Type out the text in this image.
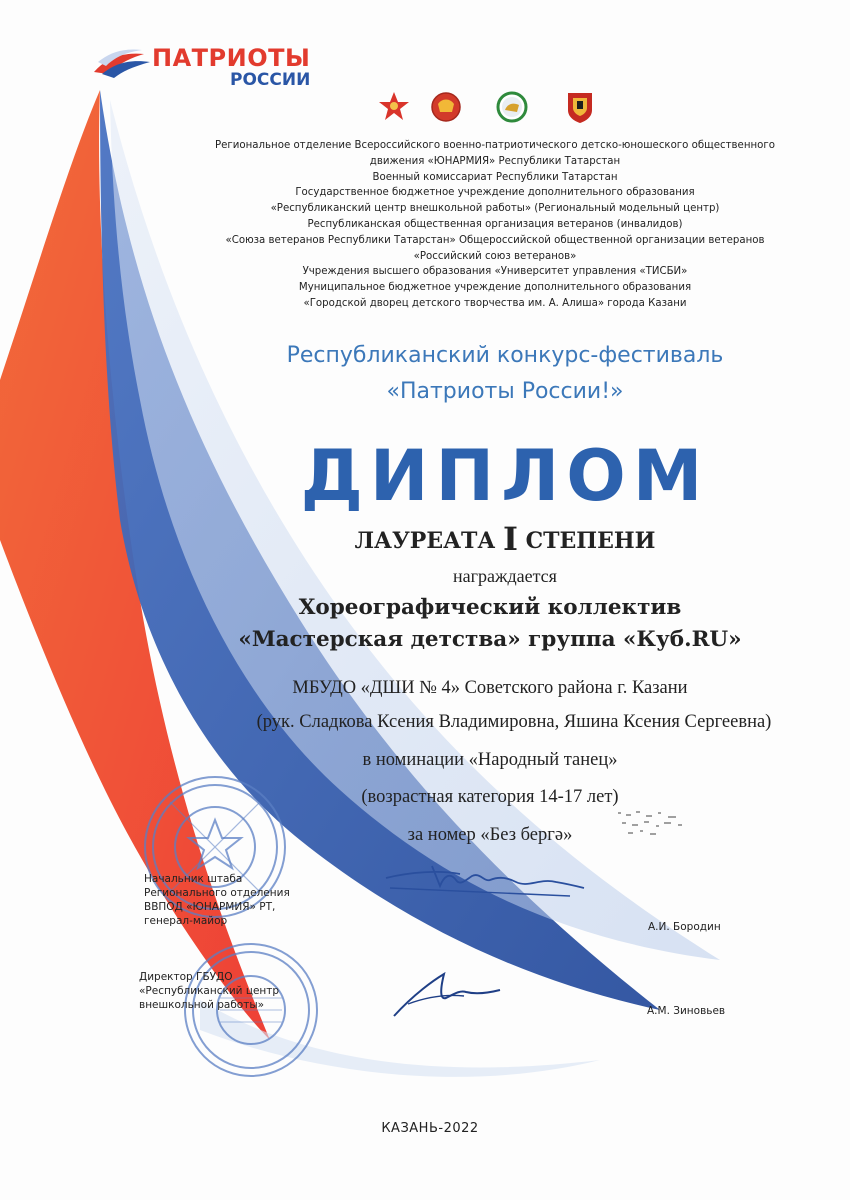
ПАТРИОТЫ
РОССИИ
Региональное отделение Всероссийского военно-патриотического детско-юношеского общественного
движения «ЮНАРМИЯ» Республики Татарстан
Военный комиссариат Республики Татарстан
Государственное бюджетное учреждение дополнительного образования
«Республиканский центр внешкольной работы» (Региональный модельный центр)
Республиканская общественная организация ветеранов (инвалидов)
«Союза ветеранов Республики Татарстан» Общероссийской общественной организации ветеранов
«Российский союз ветеранов»
Учреждения высшего образования «Университет управления «ТИСБИ»
Муниципальное бюджетное учреждение дополнительного образования
«Городской дворец детского творчества им. А. Алиша» города Казани
Республиканский конкурс-фестиваль
«Патриоты России!»
ДИПЛОМ
ЛАУРЕАТА I СТЕПЕНИ
награждается
Хореографический коллектив
«Мастерская детства» группа «Куб.RU»
МБУДО «ДШИ № 4» Советского района г. Казани
(рук. Сладкова Ксения Владимировна, Яшина Ксения Сергеевна)
в номинации «Народный танец»
(возрастная категория 14-17 лет)
за номер «Без бергә»
Начальник штаба
Регионального отделения
ВВПОД «ЮНАРМИЯ» РТ,
генерал-майор	А.И. Бородин
Директор ГБУДО
«Республиканский центр
внешкольной работы»	А.М. Зиновьев
КАЗАНЬ-2022
